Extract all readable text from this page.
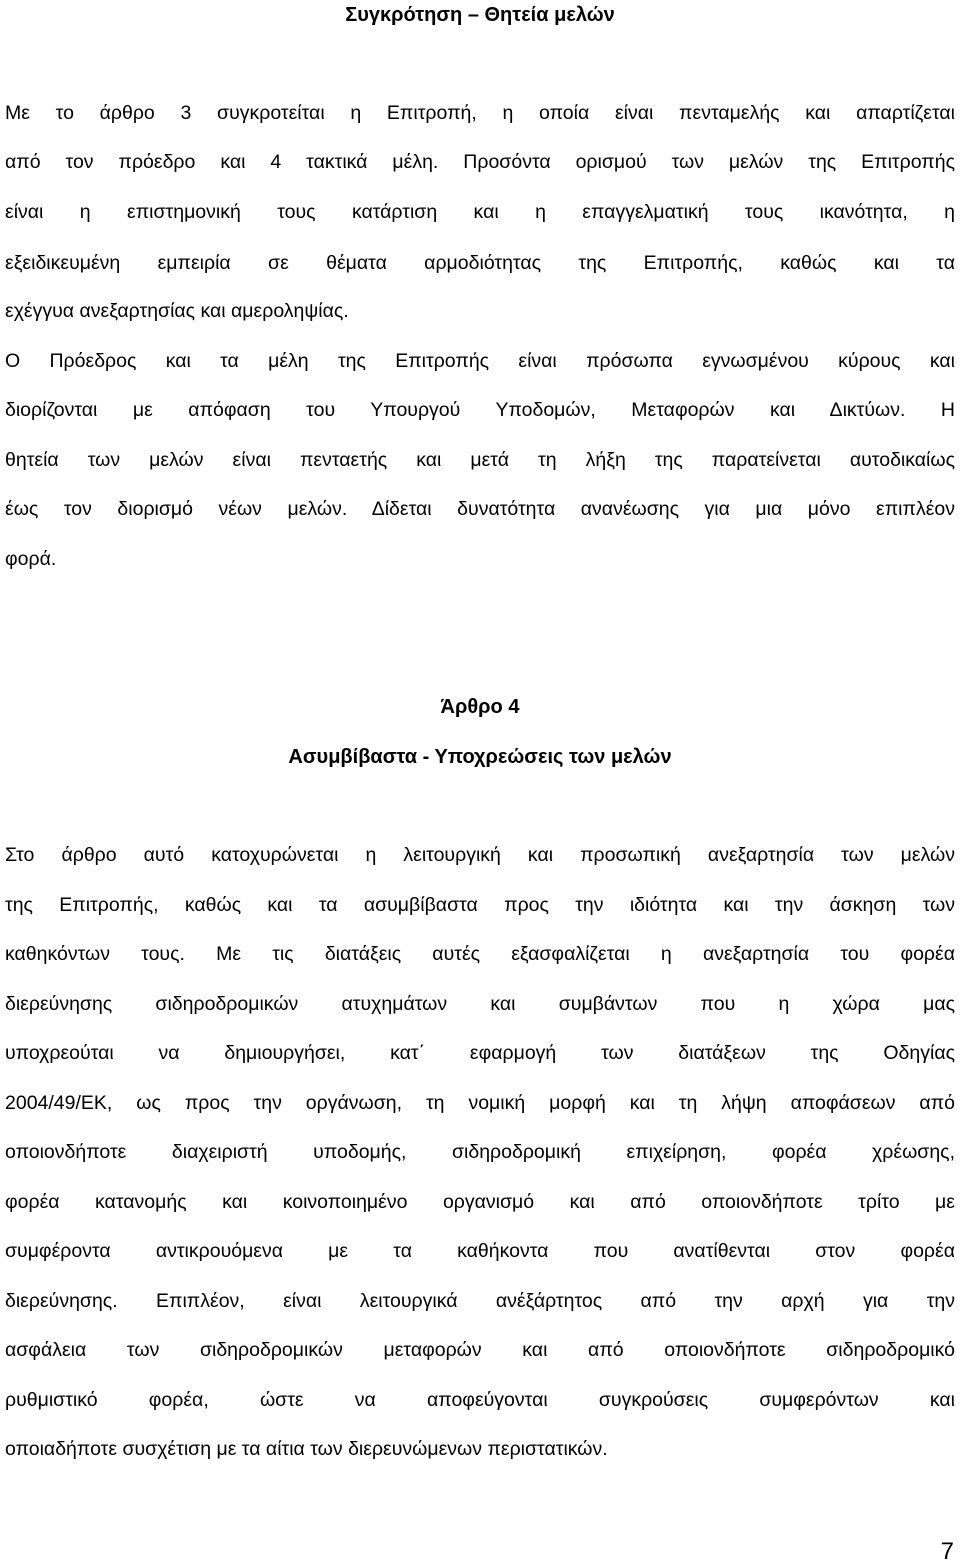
Συγκρότηση – Θητεία μελών
Με το άρθρο 3 συγκροτείται η Επιτροπή, η οποία είναι πενταμελής και απαρτίζεται
από τον πρόεδρο και 4 τακτικά μέλη. Προσόντα ορισμού των μελών της Επιτροπής
είναι η επιστημονική τους κατάρτιση και η επαγγελματική τους ικανότητα, η
εξειδικευμένη εμπειρία σε θέματα αρμοδιότητας της Επιτροπής, καθώς και τα
εχέγγυα ανεξαρτησίας και αμεροληψίας.
Ο Πρόεδρος και τα μέλη της Επιτροπής είναι πρόσωπα εγνωσμένου κύρους και
διορίζονται με απόφαση του Υπουργού Υποδομών, Μεταφορών και Δικτύων. Η
θητεία των μελών είναι πενταετής και μετά τη λήξη της παρατείνεται αυτοδικαίως
έως τον διορισμό νέων μελών. Δίδεται δυνατότητα ανανέωσης για μια μόνο επιπλέον
φορά.
Άρθρο 4
Ασυμβίβαστα - Υποχρεώσεις των μελών
Στο άρθρο αυτό κατοχυρώνεται η λειτουργική και προσωπική ανεξαρτησία των μελών
της Επιτροπής, καθώς και τα ασυμβίβαστα προς την ιδιότητα και την άσκηση των
καθηκόντων τους. Με τις διατάξεις αυτές εξασφαλίζεται η ανεξαρτησία του φορέα
διερεύνησης σιδηροδρομικών ατυχημάτων και συμβάντων που η χώρα μας
υποχρεούται να δημιουργήσει, κατ΄ εφαρμογή των διατάξεων της Οδηγίας
2004/49/ΕΚ, ως προς την οργάνωση, τη νομική μορφή και τη λήψη αποφάσεων από
οποιονδήποτε διαχειριστή υποδομής, σιδηροδρομική επιχείρηση, φορέα χρέωσης,
φορέα κατανομής και κοινοποιημένο οργανισμό και από οποιονδήποτε τρίτο με
συμφέροντα αντικρουόμενα με τα καθήκοντα που ανατίθενται στον φορέα
διερεύνησης. Επιπλέον, είναι λειτουργικά ανέξάρτητος από την αρχή για την
ασφάλεια των σιδηροδρομικών μεταφορών και από οποιονδήποτε σιδηροδρομικό
ρυθμιστικό φορέα, ώστε να αποφεύγονται συγκρούσεις συμφερόντων και
οποιαδήποτε συσχέτιση με τα αίτια των διερευνώμενων περιστατικών.
7
